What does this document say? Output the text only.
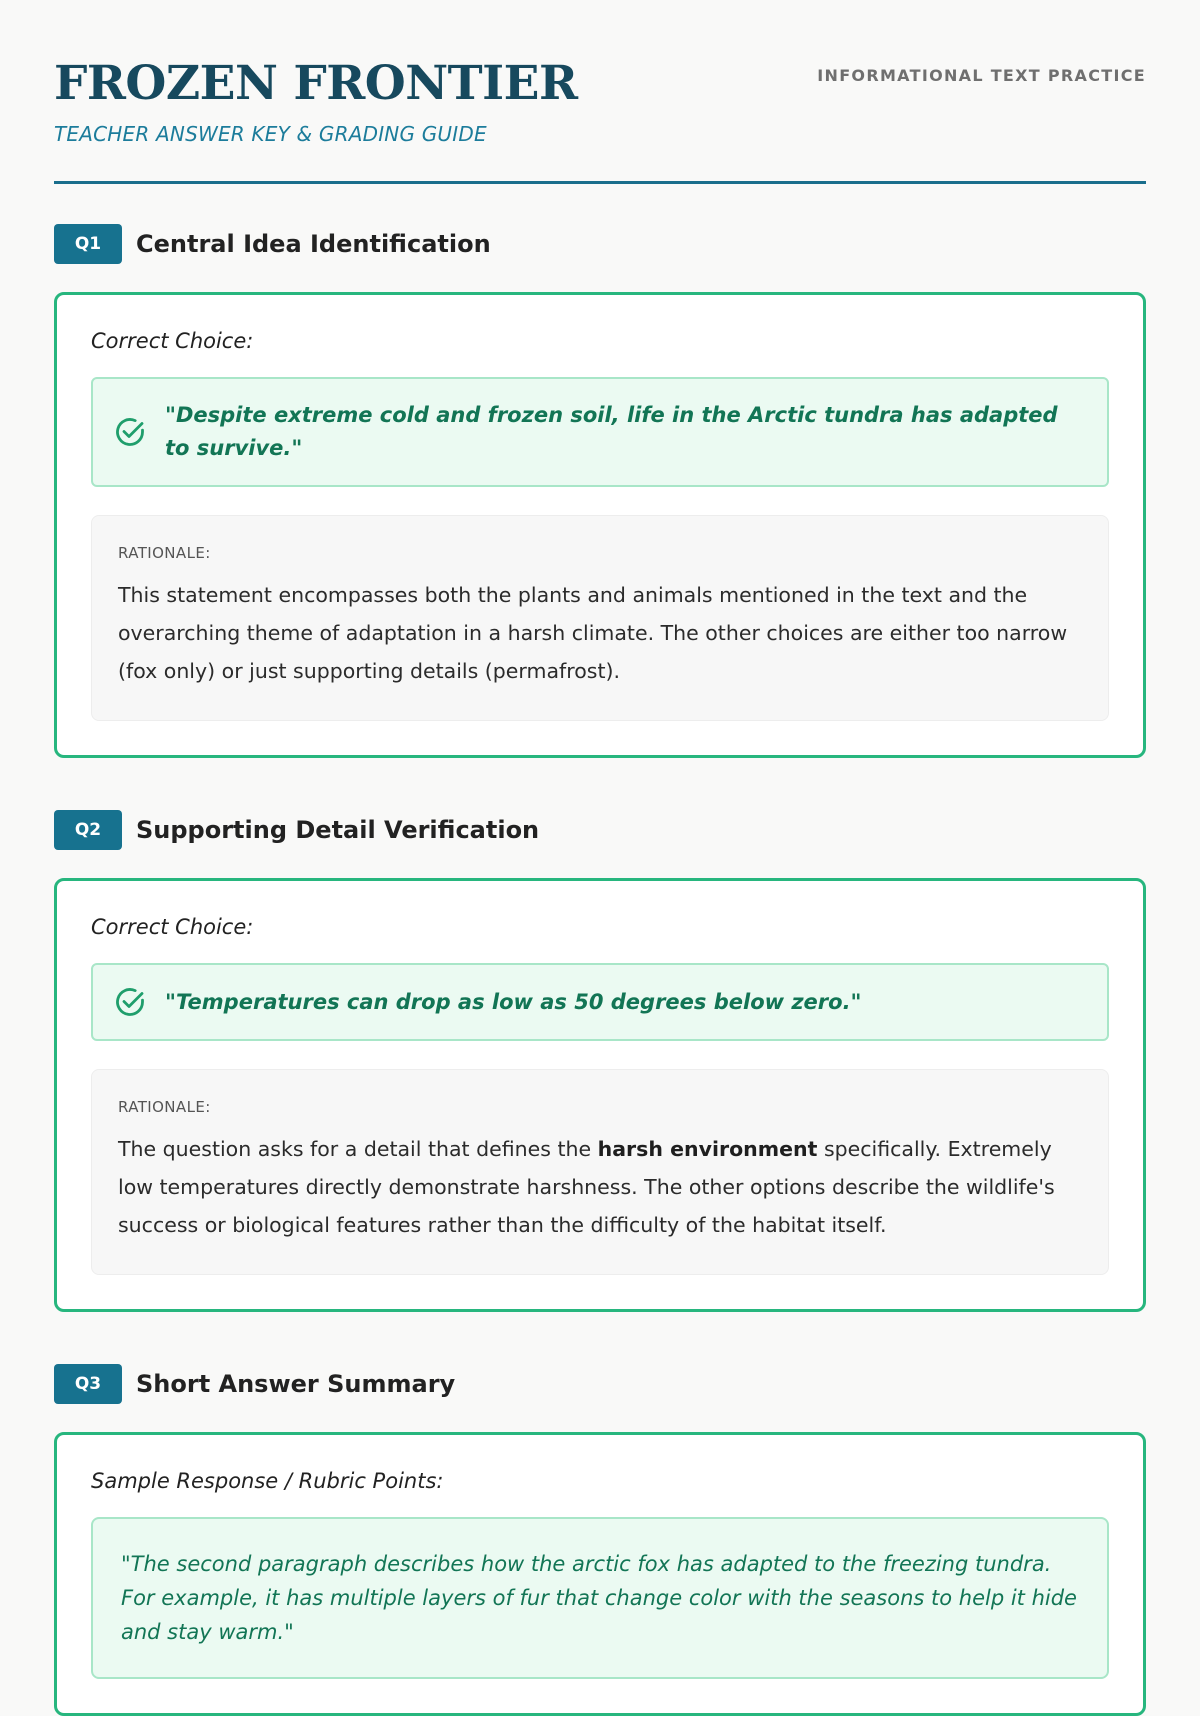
FROZEN FRONTIER
TEACHER ANSWER KEY & GRADING GUIDE
INFORMATIONAL TEXT PRACTICE
Q1	Central Idea Identification
Correct Choice:
"Despite extreme cold and frozen soil, life in the Arctic tundra has adapted to survive."
RATIONALE:

This statement encompasses both the plants and animals mentioned in the text and the overarching theme of adaptation in a harsh climate. The other choices are either too narrow (fox only) or just supporting details (permafrost).

Q2	Supporting Detail Verification
Correct Choice:
"Temperatures can drop as low as 50 degrees below zero."
RATIONALE:

The question asks for a detail that defines the harsh environment specifically. Extremely low temperatures directly demonstrate harshness. The other options describe the wildlife's success or biological features rather than the difficulty of the habitat itself.

Q3	Short Answer Summary
Sample Response / Rubric Points:
"The second paragraph describes how the arctic fox has adapted to the freezing tundra. For example, it has multiple layers of fur that change color with the seasons to help it hide and stay warm."
